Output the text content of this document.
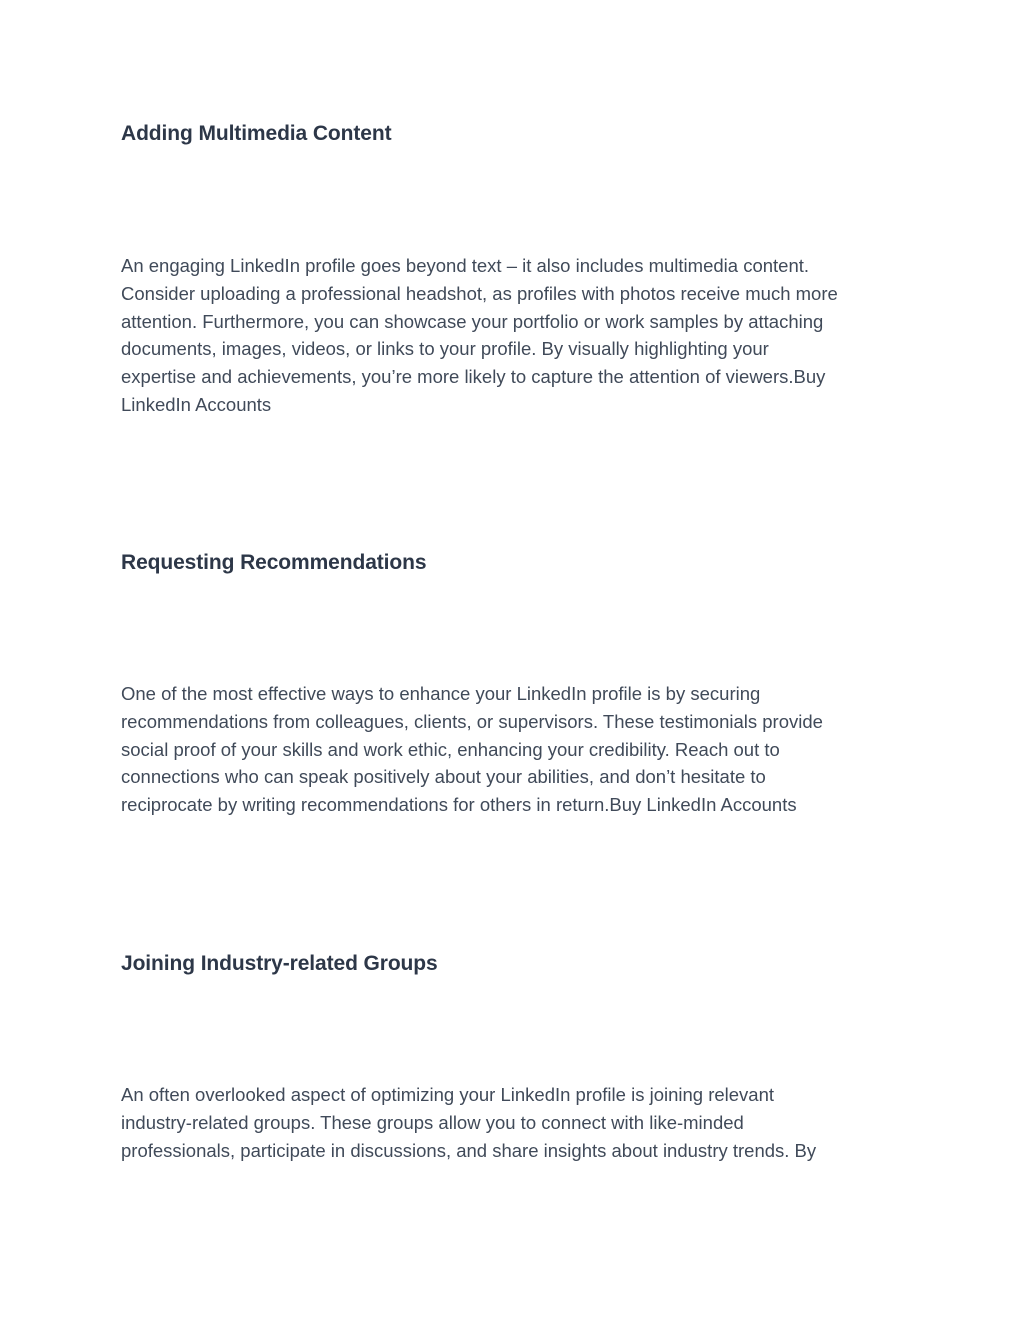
Adding Multimedia Content

An engaging LinkedIn profile goes beyond text – it also includes multimedia content.
Consider uploading a professional headshot, as profiles with photos receive much more
attention. Furthermore, you can showcase your portfolio or work samples by attaching
documents, images, videos, or links to your profile. By visually highlighting your
expertise and achievements, you’re more likely to capture the attention of viewers.Buy
LinkedIn Accounts

Requesting Recommendations

One of the most effective ways to enhance your LinkedIn profile is by securing
recommendations from colleagues, clients, or supervisors. These testimonials provide
social proof of your skills and work ethic, enhancing your credibility. Reach out to
connections who can speak positively about your abilities, and don’t hesitate to
reciprocate by writing recommendations for others in return.Buy LinkedIn Accounts

Joining Industry-related Groups

An often overlooked aspect of optimizing your LinkedIn profile is joining relevant
industry-related groups. These groups allow you to connect with like-minded
professionals, participate in discussions, and share insights about industry trends. By
